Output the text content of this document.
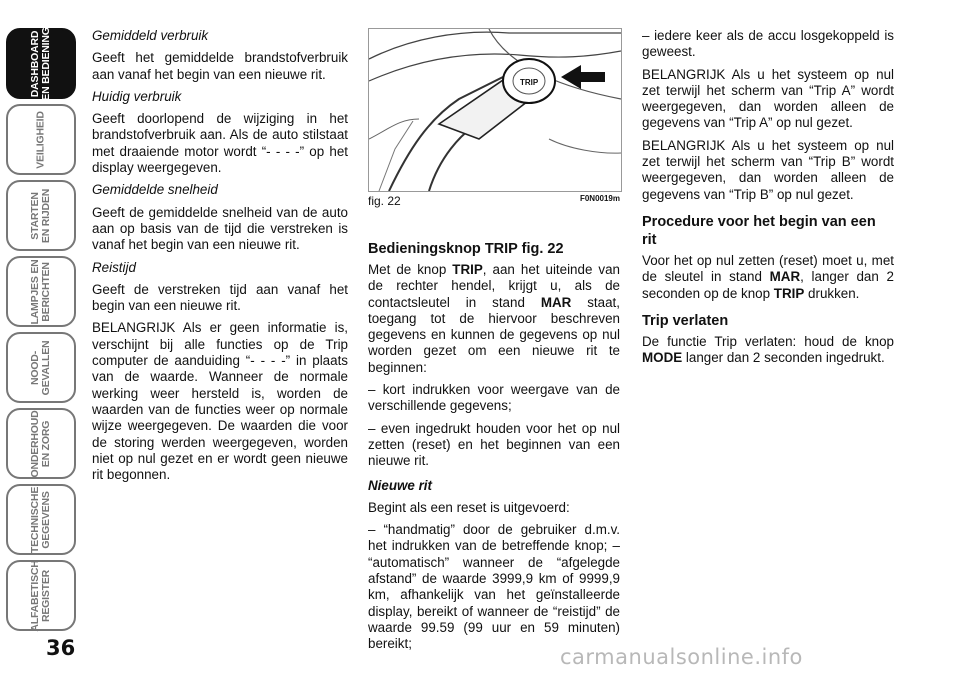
DASHBOARD
EN BEDIENING
VEILIGHEID
STARTEN
EN RIJDEN
LAMPJES EN
BERICHTEN
NOOD-
GEVALLEN
ONDERHOUD
EN ZORG
TECHNISCHE
GEGEVENS
ALFABETISCH
REGISTER
36

Gemiddeld verbruik

Geeft het gemiddelde brandstofverbruik aan vanaf het begin van een nieuwe rit.

Huidig verbruik

Geeft doorlopend de wijziging in het brandstofverbruik aan. Als de auto stilstaat met draaiende motor wordt “- - - -” op het display weergegeven.

Gemiddelde snelheid

Geeft de gemiddelde snelheid van de auto aan op basis van de tijd die verstreken is vanaf het begin van een nieuwe rit.

Reistijd

Geeft de verstreken tijd aan vanaf het begin van een nieuwe rit.

BELANGRIJK Als er geen informatie is, verschijnt bij alle functies op de Trip computer de aanduiding “- - - -” in plaats van de waarde. Wanneer de normale werking weer hersteld is, worden de waarden van de functies weer op normale wijze weergegeven. De waarden die voor de storing werden weergegeven, worden niet op nul gezet en er wordt geen nieuwe rit begonnen.

TRIP
fig. 22	F0N0019m

Bedieningsknop TRIP fig. 22

Met de knop TRIP, aan het uiteinde van de rechter hendel, krijgt u, als de contactsleutel in stand MAR staat, toegang tot de hiervoor beschreven gegevens en kunnen de gegevens op nul worden gezet om een nieuwe rit te beginnen:

– kort indrukken voor weergave van de verschillende gegevens;

– even ingedrukt houden voor het op nul zetten (reset) en het beginnen van een nieuwe rit.

Nieuwe rit

Begint als een reset is uitgevoerd:

– “handmatig” door de gebruiker d.m.v. het indrukken van de betreffende knop; – “automatisch” wanneer de “afgelegde afstand” de waarde 3999,9 km of 9999,9 km, afhankelijk van het geïnstalleerde display, bereikt of wanneer de “reistijd” de waarde 99.59 (99 uur en 59 minuten) bereikt;

– iedere keer als de accu losgekoppeld is geweest.

BELANGRIJK Als u het systeem op nul zet terwijl het scherm van “Trip A” wordt weergegeven, dan worden alleen de gegevens van “Trip A” op nul gezet.

BELANGRIJK Als u het systeem op nul zet terwijl het scherm van “Trip B” wordt weergegeven, dan worden alleen de gegevens van “Trip B” op nul gezet.

Procedure voor het begin van een rit

Voor het op nul zetten (reset) moet u, met de sleutel in stand MAR, langer dan 2 seconden op de knop TRIP drukken.

Trip verlaten

De functie Trip verlaten: houd de knop MODE langer dan 2 seconden ingedrukt.

carmanualsonline.info
